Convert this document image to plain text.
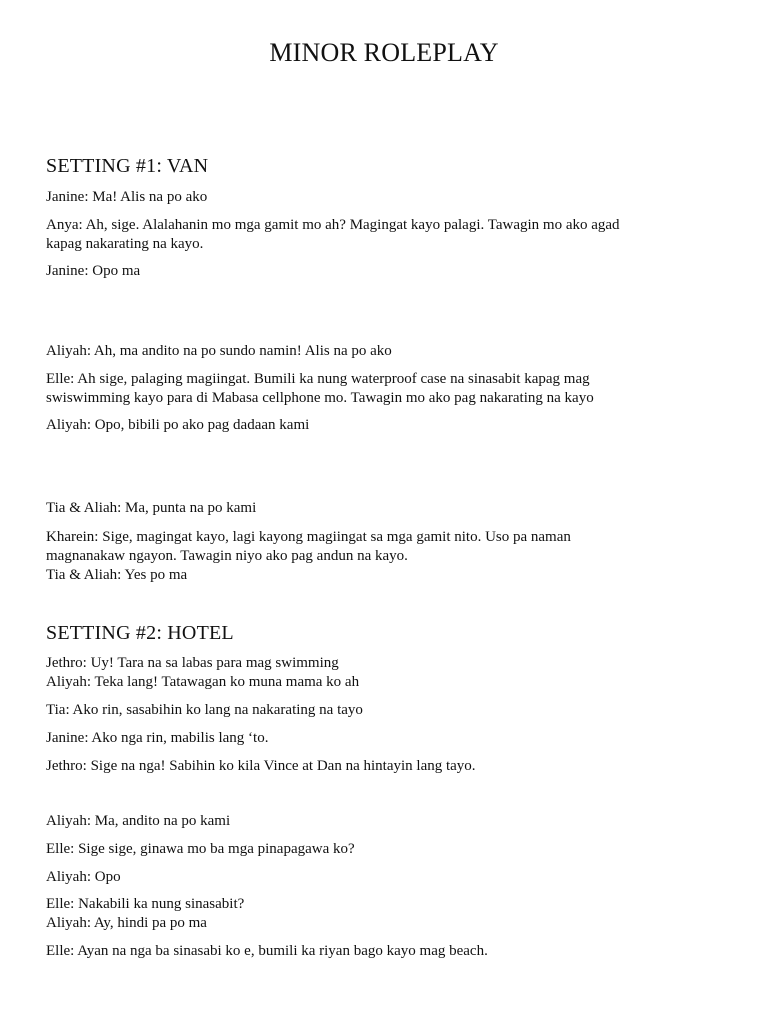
MINOR ROLEPLAY
SETTING #1: VAN
Janine: Ma! Alis na po ako
Anya: Ah, sige. Alalahanin mo mga gamit mo ah? Magingat kayo palagi. Tawagin mo ako agad
kapag nakarating na kayo.
Janine: Opo ma
Aliyah: Ah, ma andito na po sundo namin! Alis na po ako
Elle: Ah sige, palaging magiingat. Bumili ka nung waterproof case na sinasabit kapag mag
swiswimming kayo para di Mabasa cellphone mo. Tawagin mo ako pag nakarating na kayo
Aliyah: Opo, bibili po ako pag dadaan kami
Tia & Aliah: Ma, punta na po kami
Kharein: Sige, magingat kayo, lagi kayong magiingat sa mga gamit nito. Uso pa naman
magnanakaw ngayon. Tawagin niyo ako pag andun na kayo.
Tia & Aliah: Yes po ma
SETTING #2: HOTEL
Jethro: Uy! Tara na sa labas para mag swimming
Aliyah: Teka lang! Tatawagan ko muna mama ko ah
Tia: Ako rin, sasabihin ko lang na nakarating na tayo
Janine: Ako nga rin, mabilis lang ‘to.
Jethro: Sige na nga! Sabihin ko kila Vince at Dan na hintayin lang tayo.
Aliyah: Ma, andito na po kami
Elle: Sige sige, ginawa mo ba mga pinapagawa ko?
Aliyah: Opo
Elle: Nakabili ka nung sinasabit?
Aliyah: Ay, hindi pa po ma
Elle: Ayan na nga ba sinasabi ko e, bumili ka riyan bago kayo mag beach.
